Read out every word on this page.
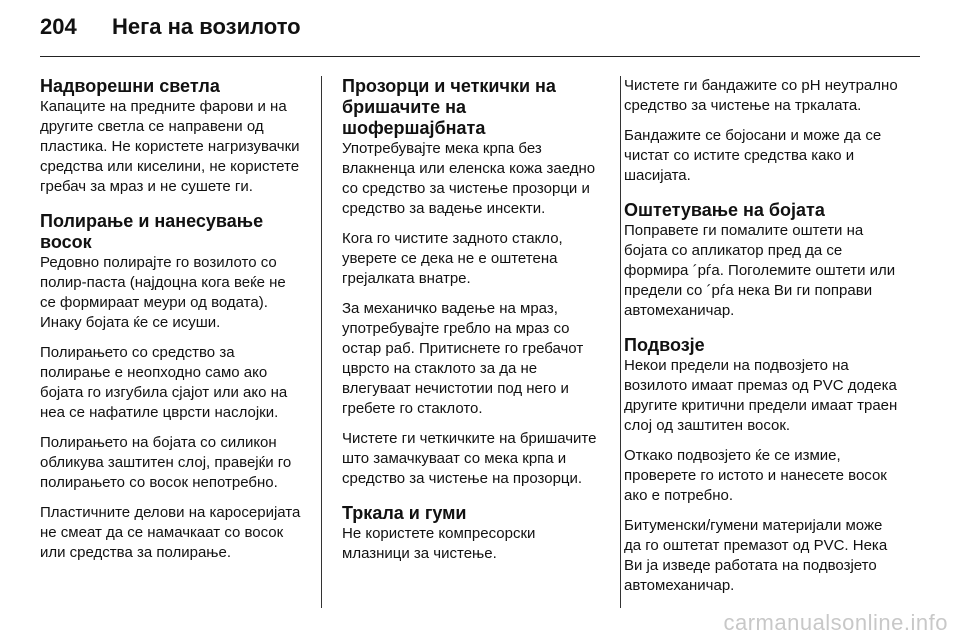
204	Нега на возилото
Надворешни светла

Капаците на предните фарови и на другите светла се направени од пластика. Не користете нагризувачки средства или киселини, не користете гребач за мраз и не сушете ги.

Полирање и нанесување восок

Редовно полирајте го возилото со полир-паста (најдоцна кога веќе не се формираат меури од водата). Инаку бојата ќе се исуши.

Полирањето со средство за полирање е неопходно само ако бојата го изгубила сјајот или ако на неа се нафатиле цврсти наслојки.

Полирањето на бојата со силикон обликува заштитен слој, правејќи го полирањето со восок непотребно.

Пластичните делови на каросеријата не смеат да се намачкаат со восок или средства за полирање.

Прозорци и четкички на бришачите на шофершајбната

Употребувајте мека крпа без влакненца или еленска кожа заедно со средство за чистење прозорци и средство за вадење инсекти.

Кога го чистите задното стакло, уверете се дека не е оштетена грејалката внатре.

За механичко вадење на мраз, употребувајте гребло на мраз со остар раб. Притиснете го гребачот цврсто на стаклото за да не влегуваат нечистотии под него и гребете го стаклото.

Чистете ги четкичките на бришачите што замачкуваат со мека крпа и средство за чистење на прозорци.

Тркала и гуми

Не користете компресорски млазници за чистење.

Чистете ги бандажите со pH неутрално средство за чистење на тркалата.

Бандажите се бојосани и може да се чистат со истите средства како и шасијата.

Оштетување на бојата

Поправете ги помалите оштети на бојата со апликатор пред да се формира ´рѓа. Поголемите оштети или предели со ´рѓа нека Ви ги поправи автомеханичар.

Подвозје

Некои предели на подвозјето на возилото имаат премаз од PVC додека другите критични предели имаат траен слој од заштитен восок.

Откако подвозјето ќе се измие, проверете го истото и нанесете восок ако е потребно.

Битуменски/гумени материјали може да го оштетат премазот од PVC. Нека Ви ја изведе работата на подвозјето автомеханичар.

carmanualsonline.info
